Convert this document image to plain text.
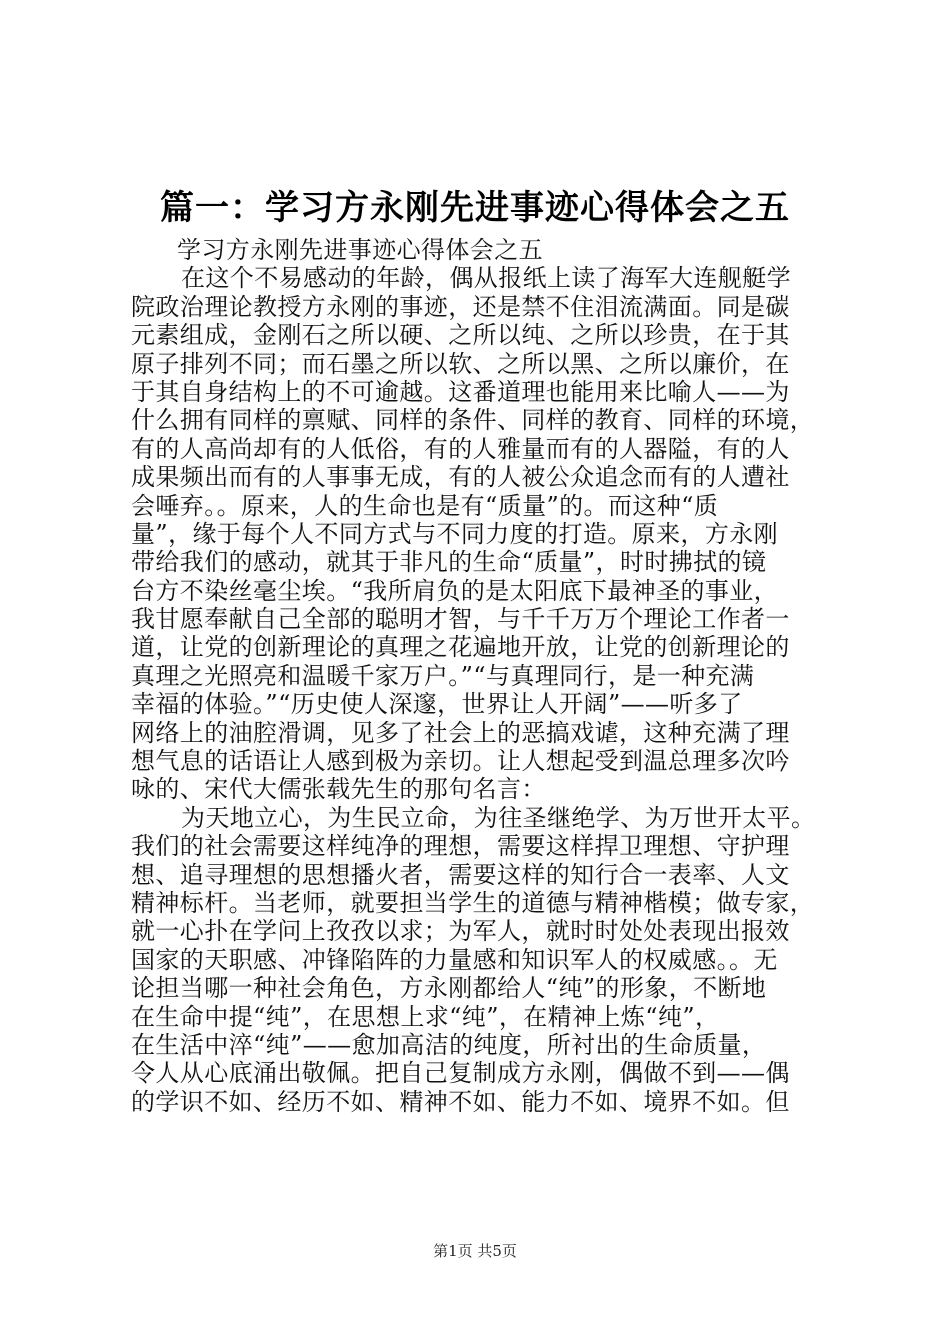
篇一：学习方永刚先进事迹心得体会之五
学习方永刚先进事迹心得体会之五
在这个不易感动的年龄，偶从报纸上读了海军大连舰艇学
院政治理论教授方永刚的事迹，还是禁不住泪流满面。同是碳
元素组成，金刚石之所以硬、之所以纯、之所以珍贵，在于其
原子排列不同；而石墨之所以软、之所以黑、之所以廉价，在
于其自身结构上的不可逾越。这番道理也能用来比喻人——为
什么拥有同样的禀赋、同样的条件、同样的教育、同样的环境，
有的人高尚却有的人低俗，有的人雅量而有的人器隘，有的人
成果频出而有的人事事无成，有的人被公众追念而有的人遭社
会唾弃。。原来，人的生命也是有“质量”的。而这种“质
量”，缘于每个人不同方式与不同力度的打造。原来，方永刚
带给我们的感动，就其于非凡的生命“质量”，时时拂拭的镜
台方不染丝毫尘埃。“我所肩负的是太阳底下最神圣的事业，
我甘愿奉献自己全部的聪明才智，与千千万万个理论工作者一
道，让党的创新理论的真理之花遍地开放，让党的创新理论的
真理之光照亮和温暖千家万户。”“与真理同行，是一种充满
幸福的体验。”“历史使人深邃，世界让人开阔”——听多了
网络上的油腔滑调，见多了社会上的恶搞戏谑，这种充满了理
想气息的话语让人感到极为亲切。让人想起受到温总理多次吟
咏的、宋代大儒张载先生的那句名言：
为天地立心，为生民立命，为往圣继绝学、为万世开太平。
我们的社会需要这样纯净的理想，需要这样捍卫理想、守护理
想、追寻理想的思想播火者，需要这样的知行合一表率、人文
精神标杆。当老师，就要担当学生的道德与精神楷模；做专家，
就一心扑在学问上孜孜以求；为军人，就时时处处表现出报效
国家的天职感、冲锋陷阵的力量感和知识军人的权威感。。无
论担当哪一种社会角色，方永刚都给人“纯”的形象，不断地
在生命中提“纯”，在思想上求“纯”，在精神上炼“纯”，
在生活中淬“纯”——愈加高洁的纯度，所衬出的生命质量，
令人从心底涌出敬佩。把自己复制成方永刚，偶做不到——偶
的学识不如、经历不如、精神不如、能力不如、境界不如。但
第1页 共5页
